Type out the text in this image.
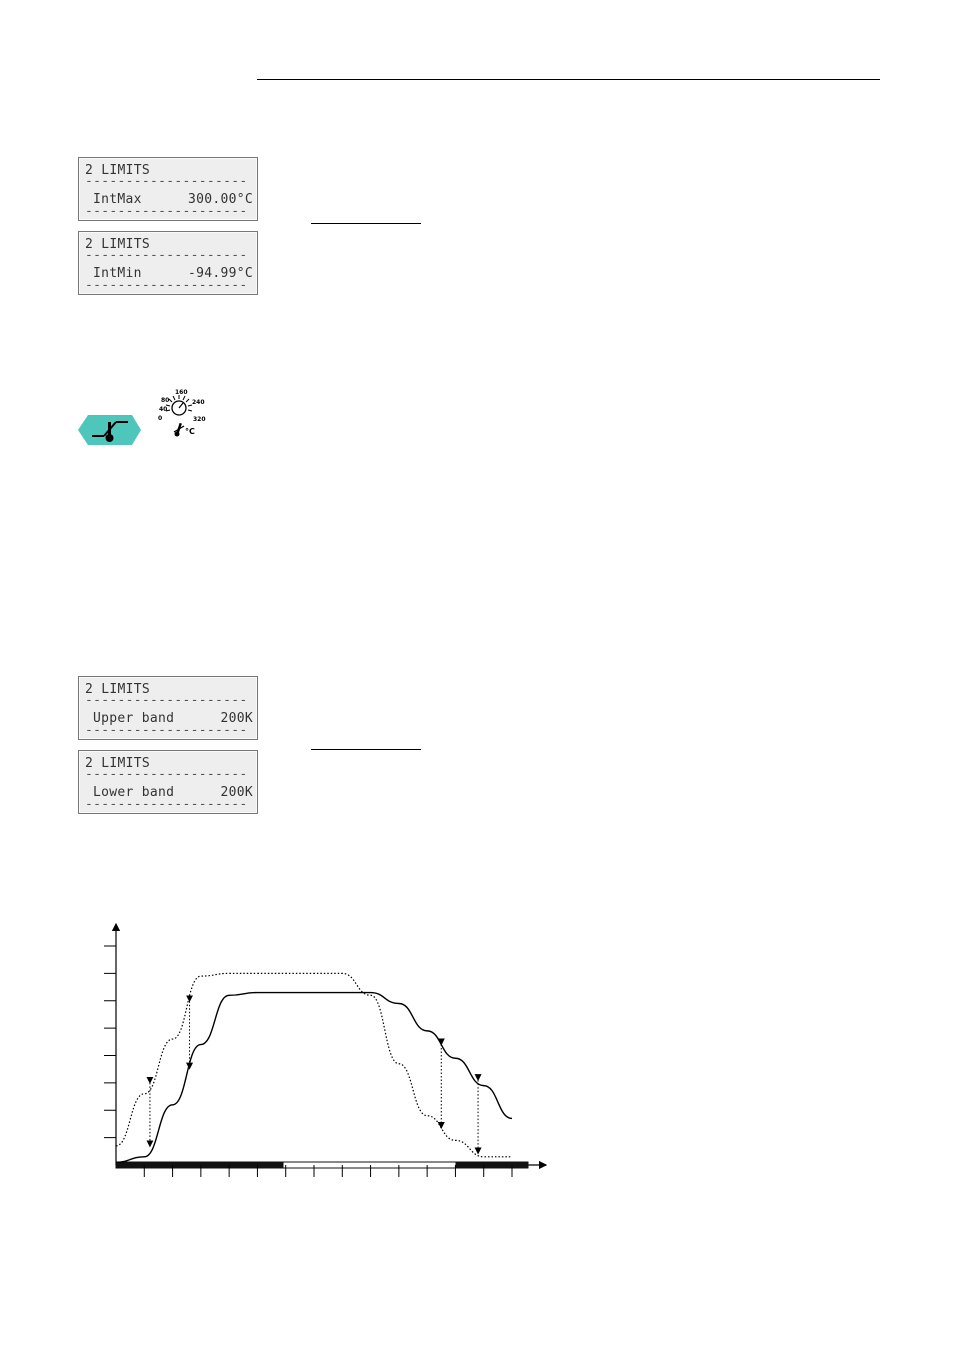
2 LIMITS
--------------------
IntMax	300.00°C
--------------------
2 LIMITS
--------------------
IntMin	-94.99°C
--------------------
0
40
80
160
240
320
°C
2 LIMITS
--------------------
Upper band	200K
--------------------
2 LIMITS
--------------------
Lower band	200K
--------------------
